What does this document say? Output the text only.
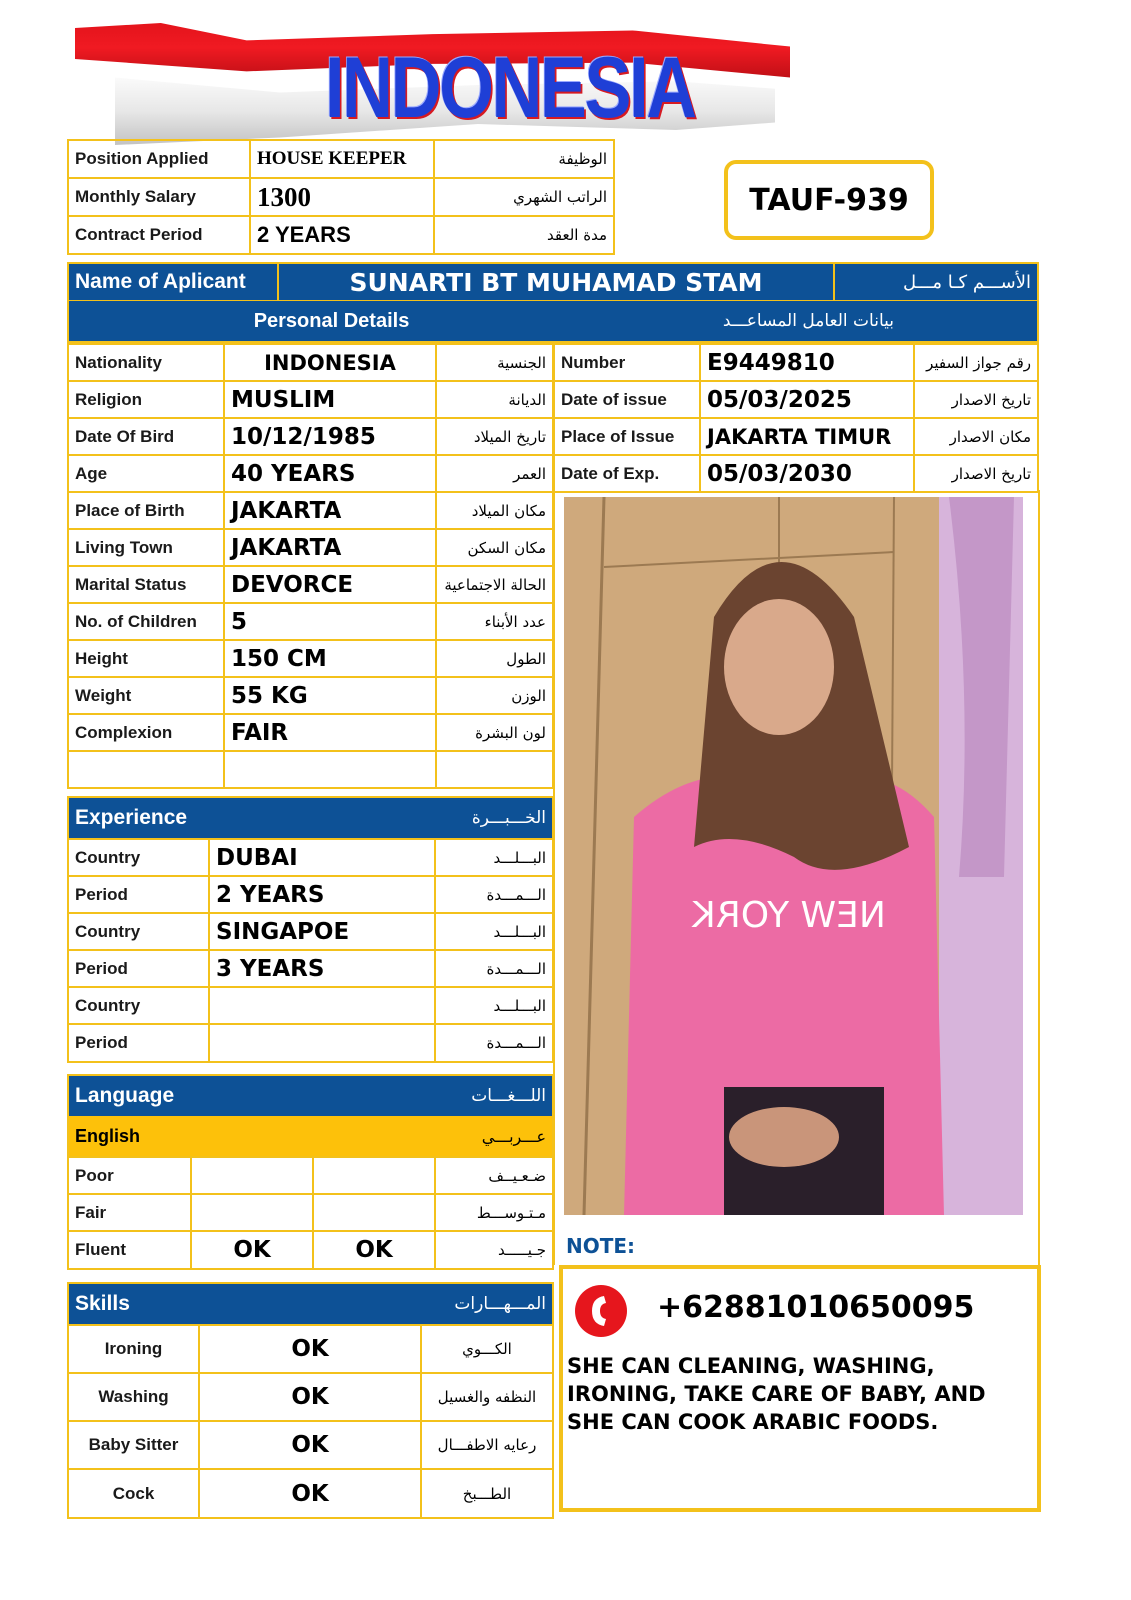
INDONESIA
Position Applied	HOUSE KEEPER	الوظيفة
Monthly Salary	1300	الراتب الشهري
Contract Period	2 YEARS	مدة العقد
TAUF-939
Name of Aplicant	SUNARTI BT MUHAMAD STAM	الأســـم كـا مـــل
Personal Details	بيانات العامل المساعـــد
Nationality	INDONESIA	الجنسية
Religion	MUSLIM	الديانة
Date Of Bird	10/12/1985	تاريخ الميلاد
Age	40 YEARS	العمر
Place of Birth	JAKARTA	مكان الميلاد
Living Town	JAKARTA	مكان السكن
Marital Status	DEVORCE	الحالة الاجتماعية
No. of Children	5	عدد الأبناء
Height	150 CM	الطول
Weight	55 KG	الوزن
Complexion	FAIR	لون البشرة

Number	E9449810	رقم جواز السفير
Date of issue	05/03/2025	تاريخ الاصدار
Place of Issue	JAKARTA TIMUR	مكان الاصدار
Date of Exp.	05/03/2030	تاريخ الاصدار
NEW YORK
Experience	الخـــبـــرة
Country	DUBAI	البـــلـــد
Period	2 YEARS	الـــمـــدة
Country	SINGAPOE	البـــلـــد
Period	3 YEARS	الـــمـــدة
Country		البـــلـــد
Period		الـــمـــدة
Language	اللـــغـــات
English	عـــربـــي
Poor			ضـعـيــف
Fair			مـتـوســـط
Fluent	OK	OK	جـيـــــد
Skills	المـــهـــارات
Ironing	OK	الكـــوي
Washing	OK	النظفه والغسيل
Baby Sitter	OK	رعايه الاطفـــال
Cock	OK	الطـــبخ
NOTE:
+62881010650095
SHE CAN CLEANING, WASHING, IRONING, TAKE CARE OF BABY, AND SHE CAN COOK ARABIC FOODS.
